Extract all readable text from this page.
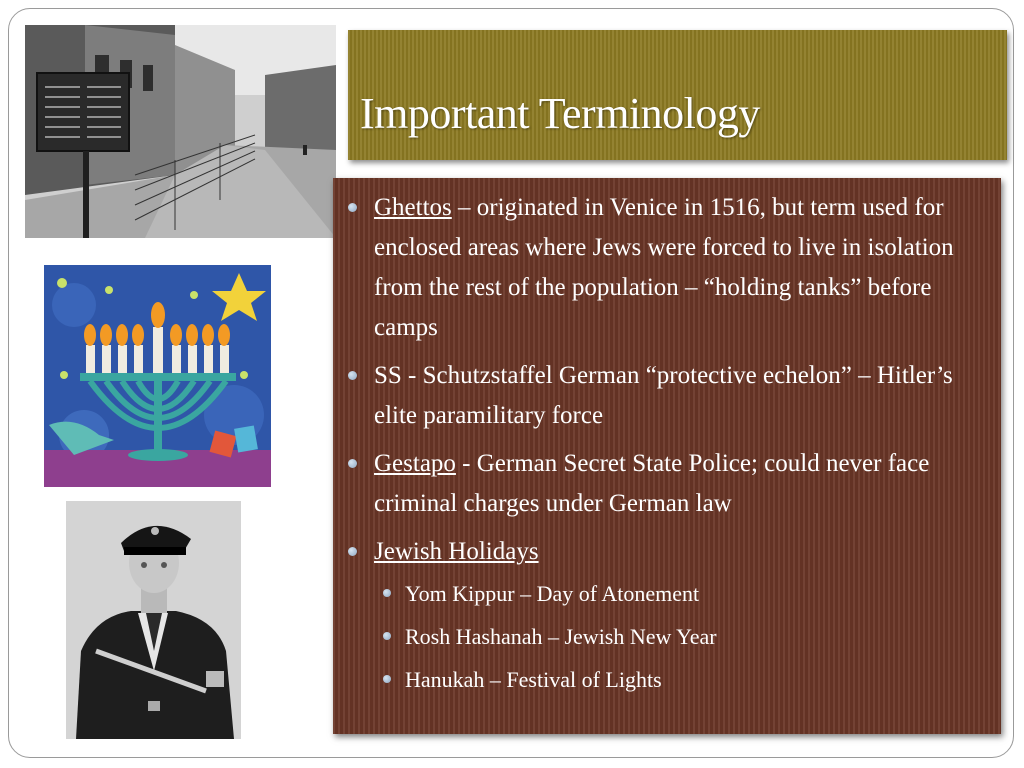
Important Terminology
Ghettos – originated in Venice in 1516, but term used for enclosed areas where Jews were forced to live in isolation from the rest of the population – “holding tanks” before camps
SS - Schutzstaffel German “protective echelon” – Hitler’s elite paramilitary force
Gestapo - German Secret State Police; could never face criminal charges under German law
Jewish Holidays
Yom Kippur – Day of Atonement
Rosh Hashanah – Jewish New Year
Hanukah – Festival of Lights
